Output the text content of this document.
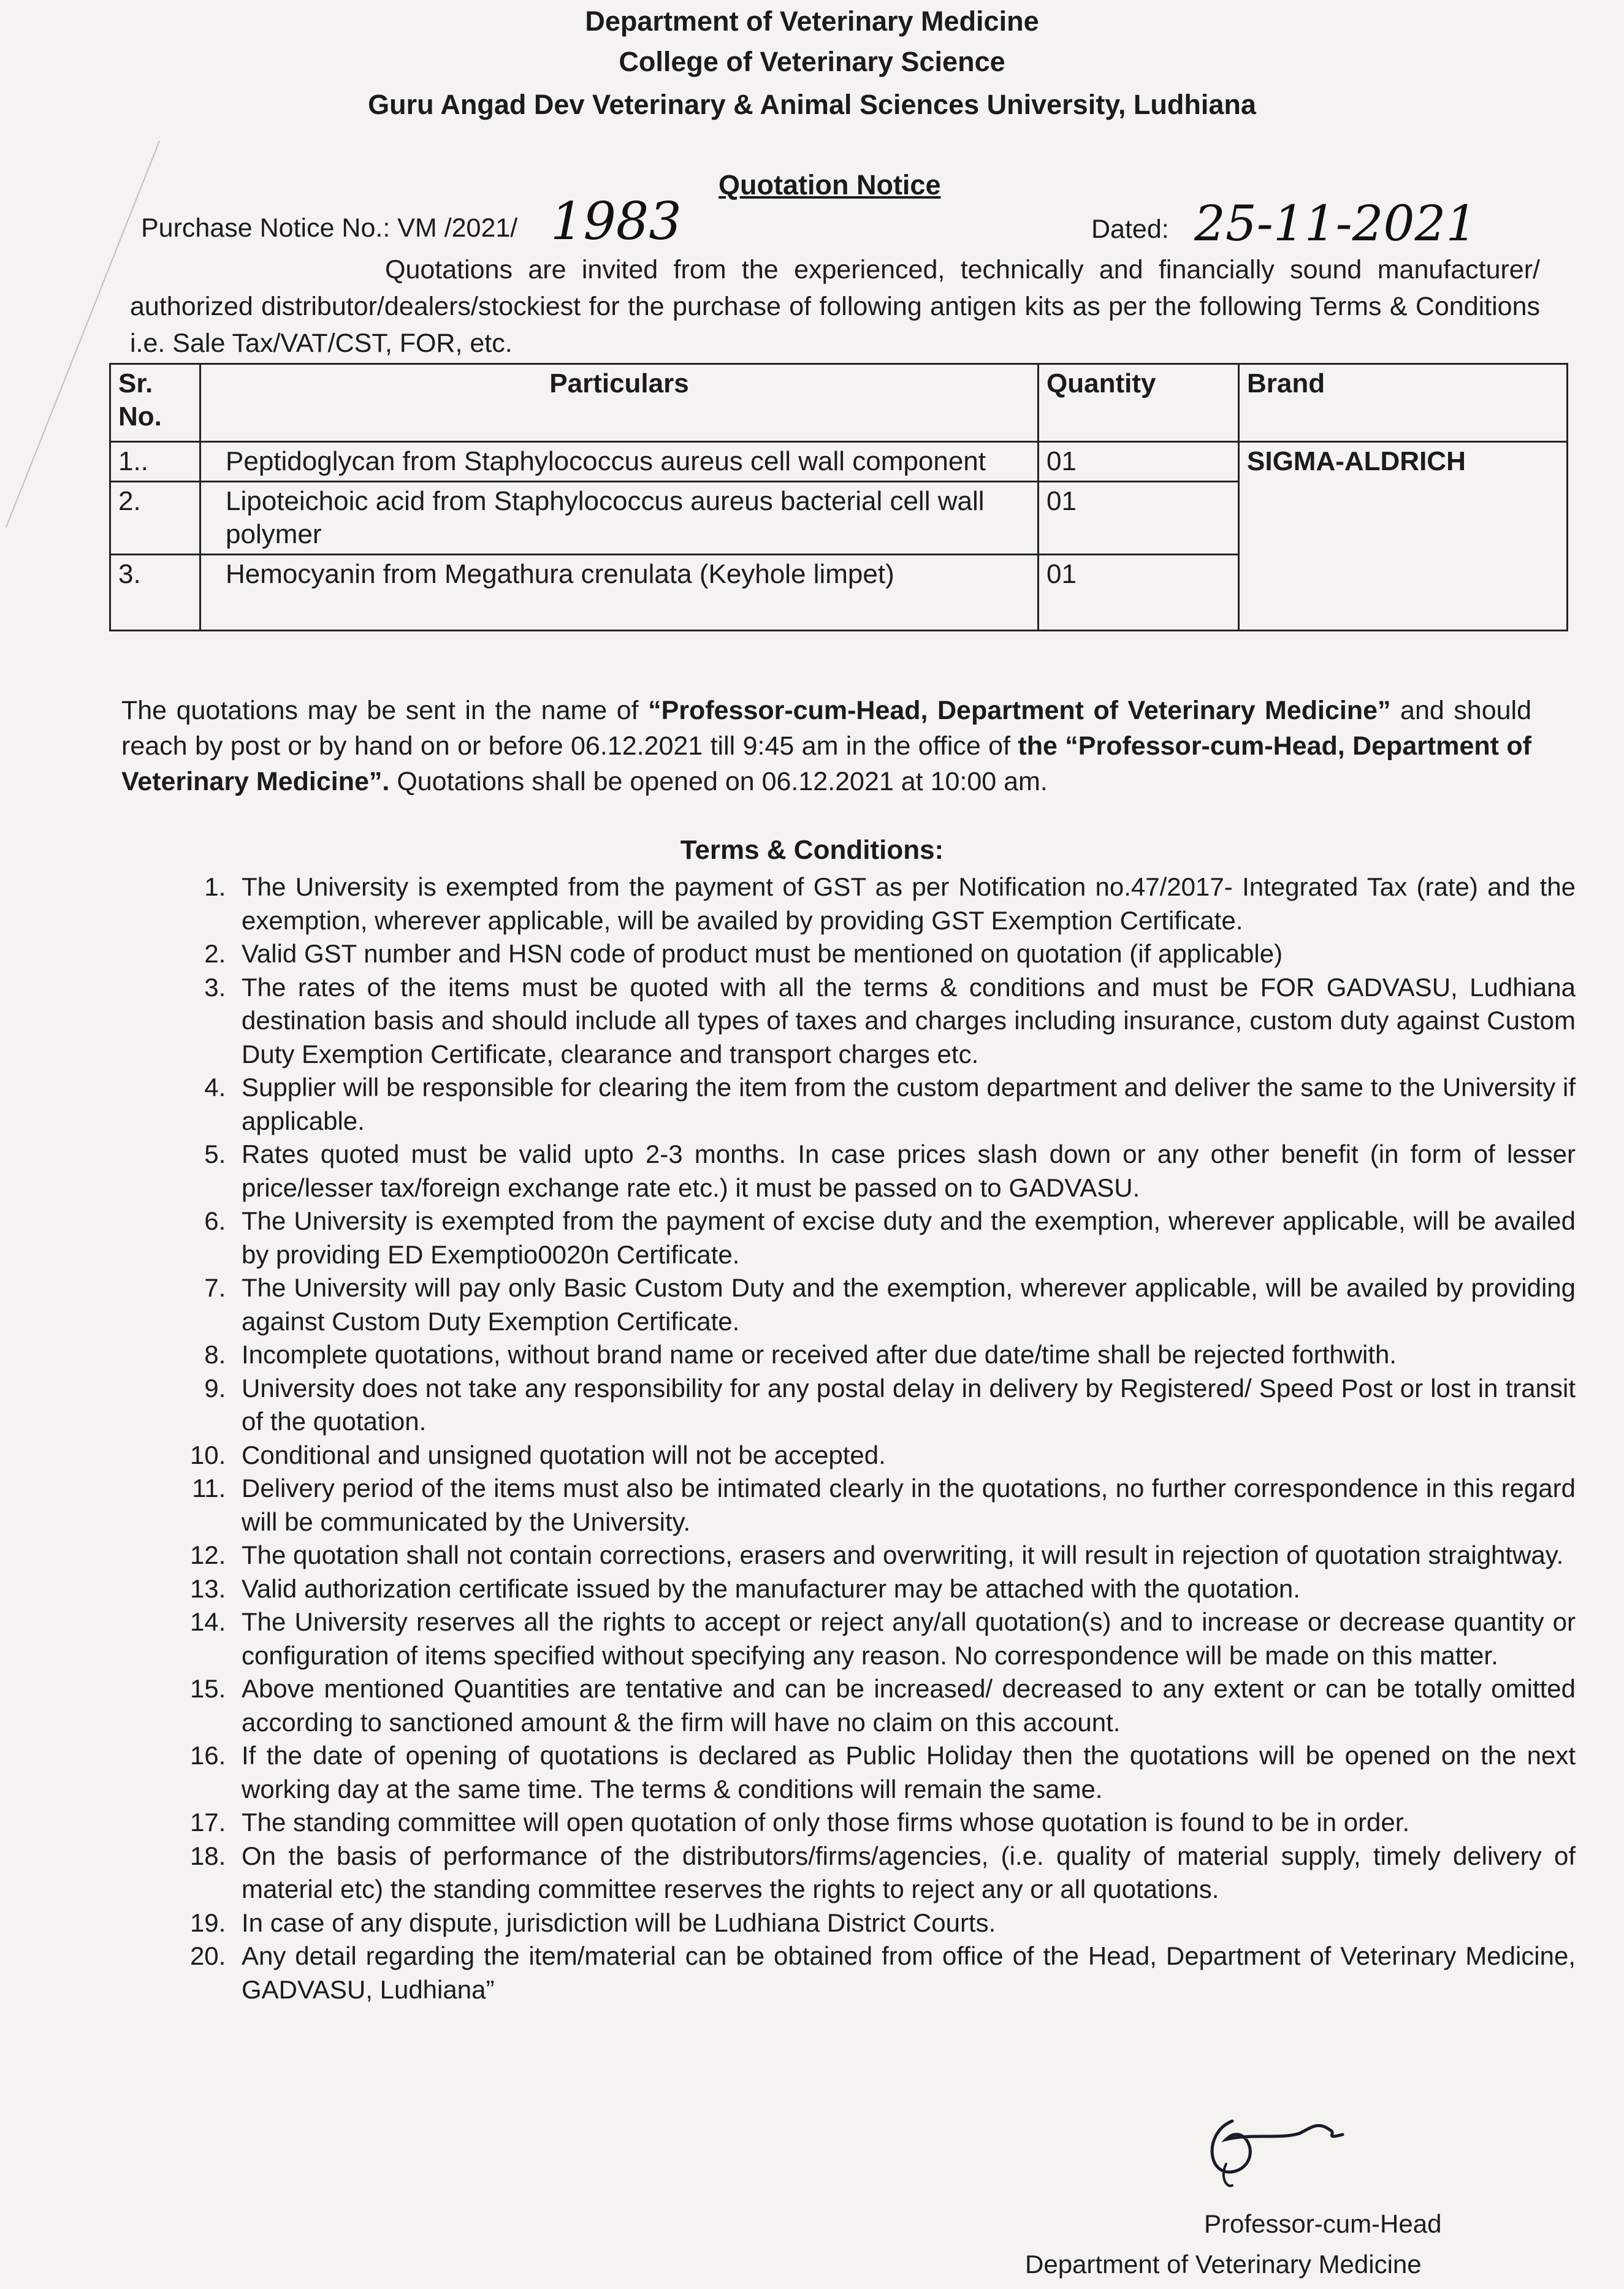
Department of Veterinary Medicine
College of Veterinary Science
Guru Angad Dev Veterinary & Animal Sciences University, Ludhiana
Quotation Notice
Purchase Notice No.: VM /2021/ 1983	Dated: 25-11-2021
Quotations are invited from the experienced, technically and financially sound manufacturer/ authorized distributor/dealers/stockiest for the purchase of following antigen kits as per the following Terms & Conditions i.e. Sale Tax/VAT/CST, FOR, etc.
Sr. No.	Particulars	Quantity	Brand
1..	Peptidoglycan from Staphylococcus aureus cell wall component	01	SIGMA-ALDRICH
2.	Lipoteichoic acid from Staphylococcus aureus bacterial cell wall polymer	01	
3.	Hemocyanin from Megathura crenulata (Keyhole limpet)	01	
The quotations may be sent in the name of “Professor-cum-Head, Department of Veterinary Medicine” and should reach by post or by hand on or before 06.12.2021 till 9:45 am in the office of the “Professor-cum-Head, Department of Veterinary Medicine”. Quotations shall be opened on 06.12.2021 at 10:00 am.
Terms & Conditions:
1. The University is exempted from the payment of GST as per Notification no.47/2017- Integrated Tax (rate) and the exemption, wherever applicable, will be availed by providing GST Exemption Certificate.
2. Valid GST number and HSN code of product must be mentioned on quotation (if applicable)
3. The rates of the items must be quoted with all the terms & conditions and must be FOR GADVASU, Ludhiana destination basis and should include all types of taxes and charges including insurance, custom duty against Custom Duty Exemption Certificate, clearance and transport charges etc.
4. Supplier will be responsible for clearing the item from the custom department and deliver the same to the University if applicable.
5. Rates quoted must be valid upto 2-3 months. In case prices slash down or any other benefit (in form of lesser price/lesser tax/foreign exchange rate etc.) it must be passed on to GADVASU.
6. The University is exempted from the payment of excise duty and the exemption, wherever applicable, will be availed by providing ED Exemptio0020n Certificate.
7. The University will pay only Basic Custom Duty and the exemption, wherever applicable, will be availed by providing against Custom Duty Exemption Certificate.
8. Incomplete quotations, without brand name or received after due date/time shall be rejected forthwith.
9. University does not take any responsibility for any postal delay in delivery by Registered/ Speed Post or lost in transit of the quotation.
10. Conditional and unsigned quotation will not be accepted.
11. Delivery period of the items must also be intimated clearly in the quotations, no further correspondence in this regard will be communicated by the University.
12. The quotation shall not contain corrections, erasers and overwriting, it will result in rejection of quotation straightway.
13. Valid authorization certificate issued by the manufacturer may be attached with the quotation.
14. The University reserves all the rights to accept or reject any/all quotation(s) and to increase or decrease quantity or configuration of items specified without specifying any reason. No correspondence will be made on this matter.
15. Above mentioned Quantities are tentative and can be increased/ decreased to any extent or can be totally omitted according to sanctioned amount & the firm will have no claim on this account.
16. If the date of opening of quotations is declared as Public Holiday then the quotations will be opened on the next working day at the same time. The terms & conditions will remain the same.
17. The standing committee will open quotation of only those firms whose quotation is found to be in order.
18. On the basis of performance of the distributors/firms/agencies, (i.e. quality of material supply, timely delivery of material etc) the standing committee reserves the rights to reject any or all quotations.
19. In case of any dispute, jurisdiction will be Ludhiana District Courts.
20. Any detail regarding the item/material can be obtained from office of the Head, Department of Veterinary Medicine, GADVASU, Ludhiana”
Professor-cum-Head
Department of Veterinary Medicine
